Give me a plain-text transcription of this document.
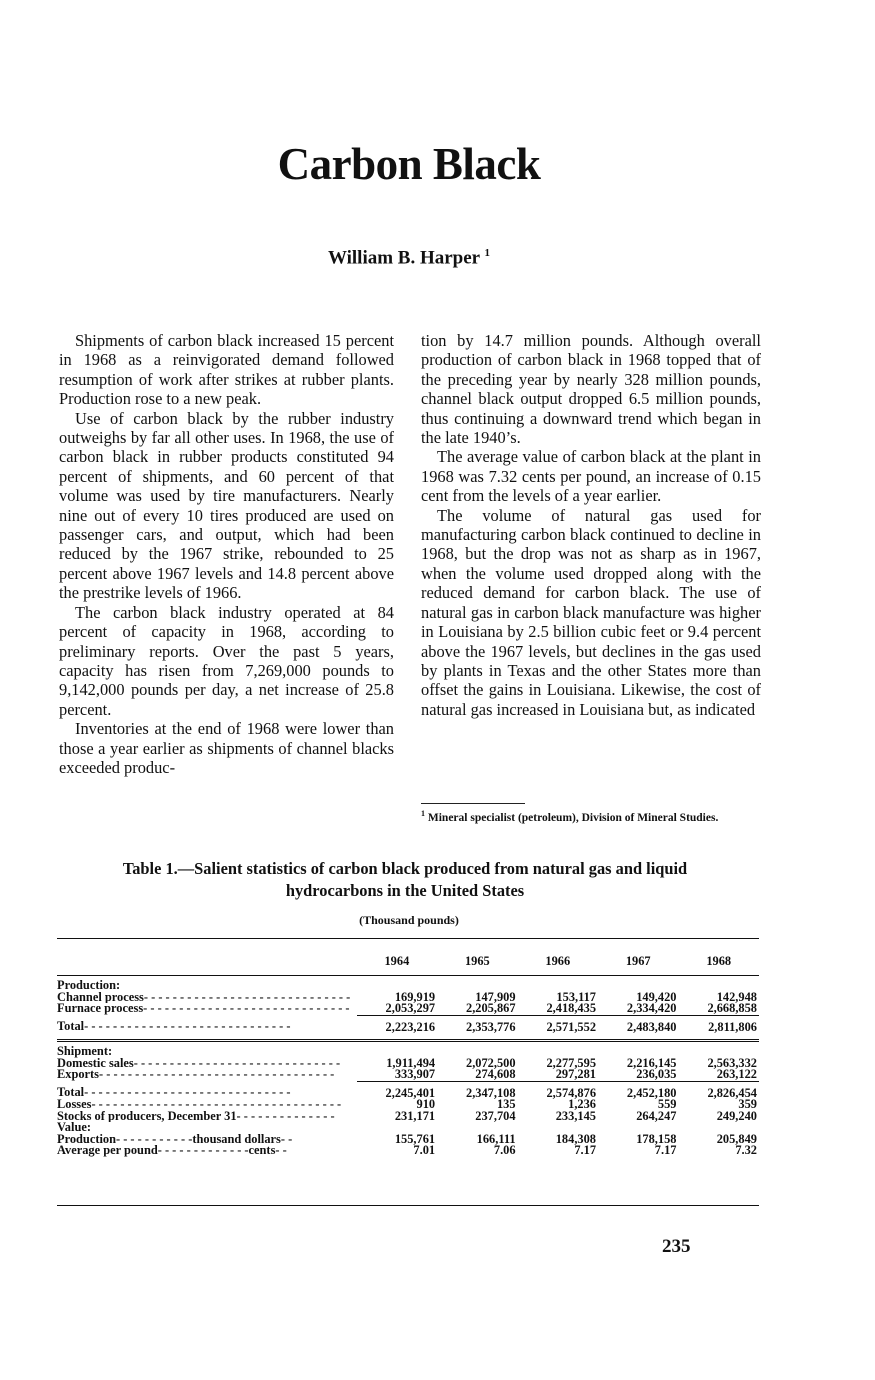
Carbon Black
William B. Harper $^1$

Shipments of carbon black increased 15 percent in 1968 as a reinvigorated demand followed resumption of work after strikes at rubber plants. Production rose to a new peak.

Use of carbon black by the rubber industry outweighs by far all other uses. In 1968, the use of carbon black in rubber products constituted 94 percent of shipments, and 60 percent of that volume was used by tire manufacturers. Nearly nine out of every 10 tires produced are used on passenger cars, and output, which had been reduced by the 1967 strike, rebounded to 25 percent above 1967 levels and 14.8 percent above the prestrike levels of 1966.

The carbon black industry operated at 84 percent of capacity in 1968, according to preliminary reports. Over the past 5 years, capacity has risen from 7,269,000 pounds to 9,142,000 pounds per day, a net increase of 25.8 percent.

Inventories at the end of 1968 were lower than those a year earlier as shipments of channel blacks exceeded produc-

tion by 14.7 million pounds. Although overall production of carbon black in 1968 topped that of the preceding year by nearly 328 million pounds, channel black output dropped 6.5 million pounds, thus continuing a downward trend which began in the late 1940’s.

The average value of carbon black at the plant in 1968 was 7.32 cents per pound, an increase of 0.15 cent from the levels of a year earlier.

The volume of natural gas used for manufacturing carbon black continued to decline in 1968, but the drop was not as sharp as in 1967, when the volume used dropped along with the reduced demand for carbon black. The use of natural gas in carbon black manufacture was higher in Louisiana by 2.5 billion cubic feet or 9.4 percent above the 1967 levels, but declines in the gas used by plants in Texas and the other States more than offset the gains in Louisiana. Likewise, the cost of natural gas increased in Louisiana but, as indicated

$^1$ Mineral specialist (petroleum), Division of Mineral Studies.
Table 1.—Salient statistics of carbon black produced from natural gas and liquid hydrocarbons in the United States
(Thousand pounds)
	1964	1965	1966	1967	1968

Production:					
Channel process- - - - - - - - - - - - - - - - - - - - - - - - - - - - -	169,919	147,909	153,117	149,420	142,948
Furnace process- - - - - - - - - - - - - - - - - - - - - - - - - - - - -	2,053,297	2,205,867	2,418,435	2,334,420	2,668,858
Total- - - - - - - - - - - - - - - - - - - - - - - - - - - - -	2,223,216	2,353,776	2,571,552	2,483,840	2,811,806
Shipment:					
Domestic sales- - - - - - - - - - - - - - - - - - - - - - - - - - - - -	1,911,494	2,072,500	2,277,595	2,216,145	2,563,332
Exports- - - - - - - - - - - - - - - - - - - - - - - - - - - - - - - - -	333,907	274,608	297,281	236,035	263,122
Total- - - - - - - - - - - - - - - - - - - - - - - - - - - - -	2,245,401	2,347,108	2,574,876	2,452,180	2,826,454
Losses- - - - - - - - - - - - - - - - - - - - - - - - - - - - - - - - - - -	910	135	1,236	559	359
Stocks of producers, December 31- - - - - - - - - - - - - -	231,171	237,704	233,145	264,247	249,240
Value:					
Production- - - - - - - - - - -thousand dollars- -	155,761	166,111	184,308	178,158	205,849
Average per pound- - - - - - - - - - - - -cents- -	7.01	7.06	7.17	7.17	7.32
235
